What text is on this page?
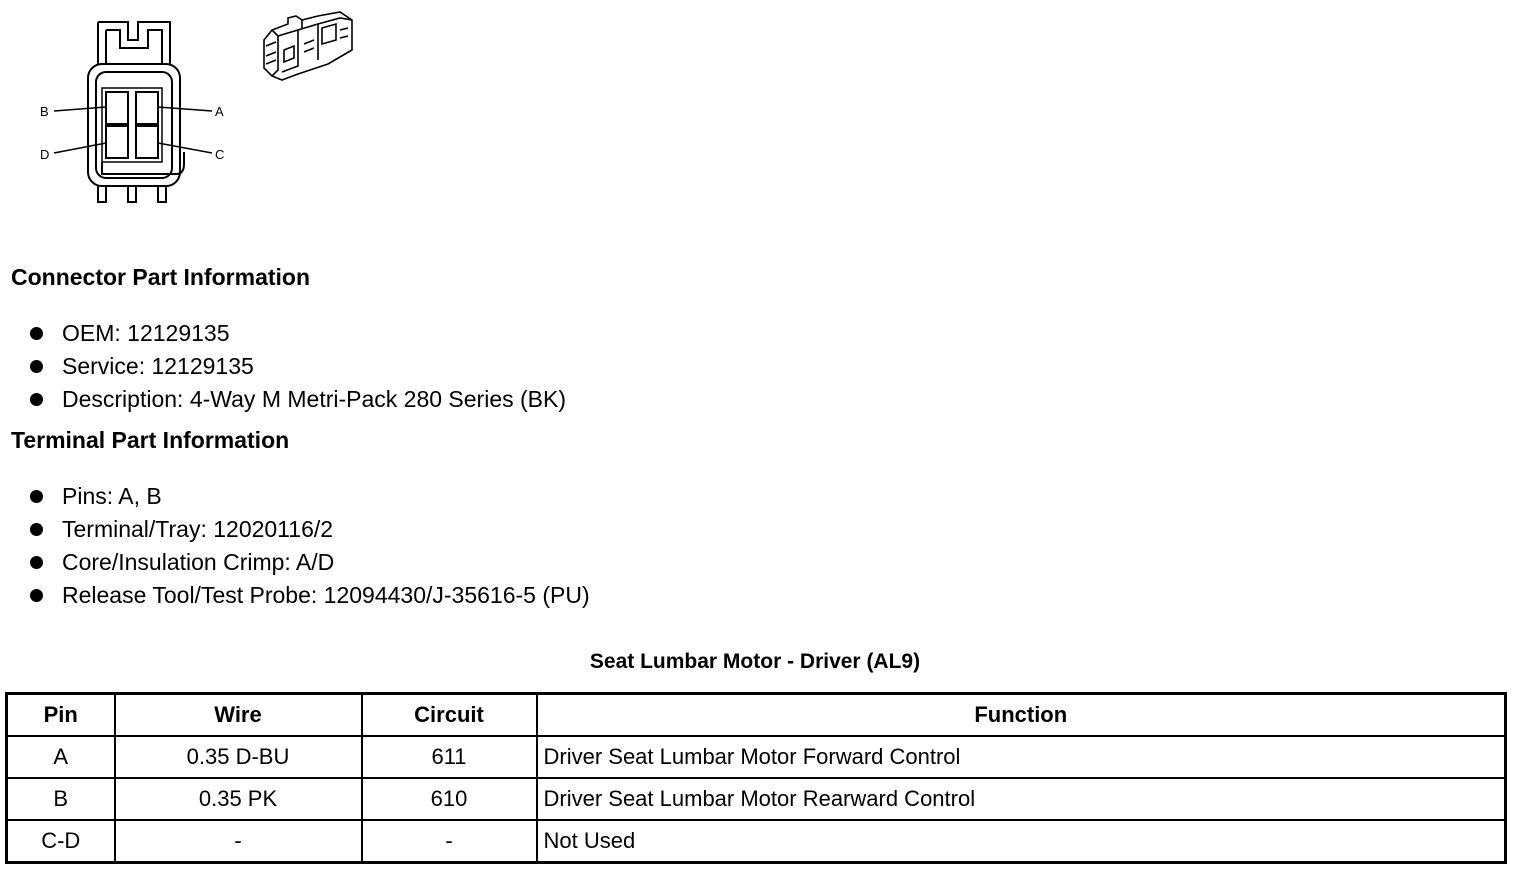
B	A
D	C
Connector Part Information
OEM: 12129135
Service: 12129135
Description: 4-Way M Metri-Pack 280 Series (BK)
Terminal Part Information
Pins: A, B
Terminal/Tray: 12020116/2
Core/Insulation Crimp: A/D
Release Tool/Test Probe: 12094430/J-35616-5 (PU)
Seat Lumbar Motor - Driver (AL9)
Pin	Wire	Circuit	Function
A	0.35 D-BU	611	Driver Seat Lumbar Motor Forward Control
B	0.35 PK	610	Driver Seat Lumbar Motor Rearward Control
C-D	-	-	Not Used
